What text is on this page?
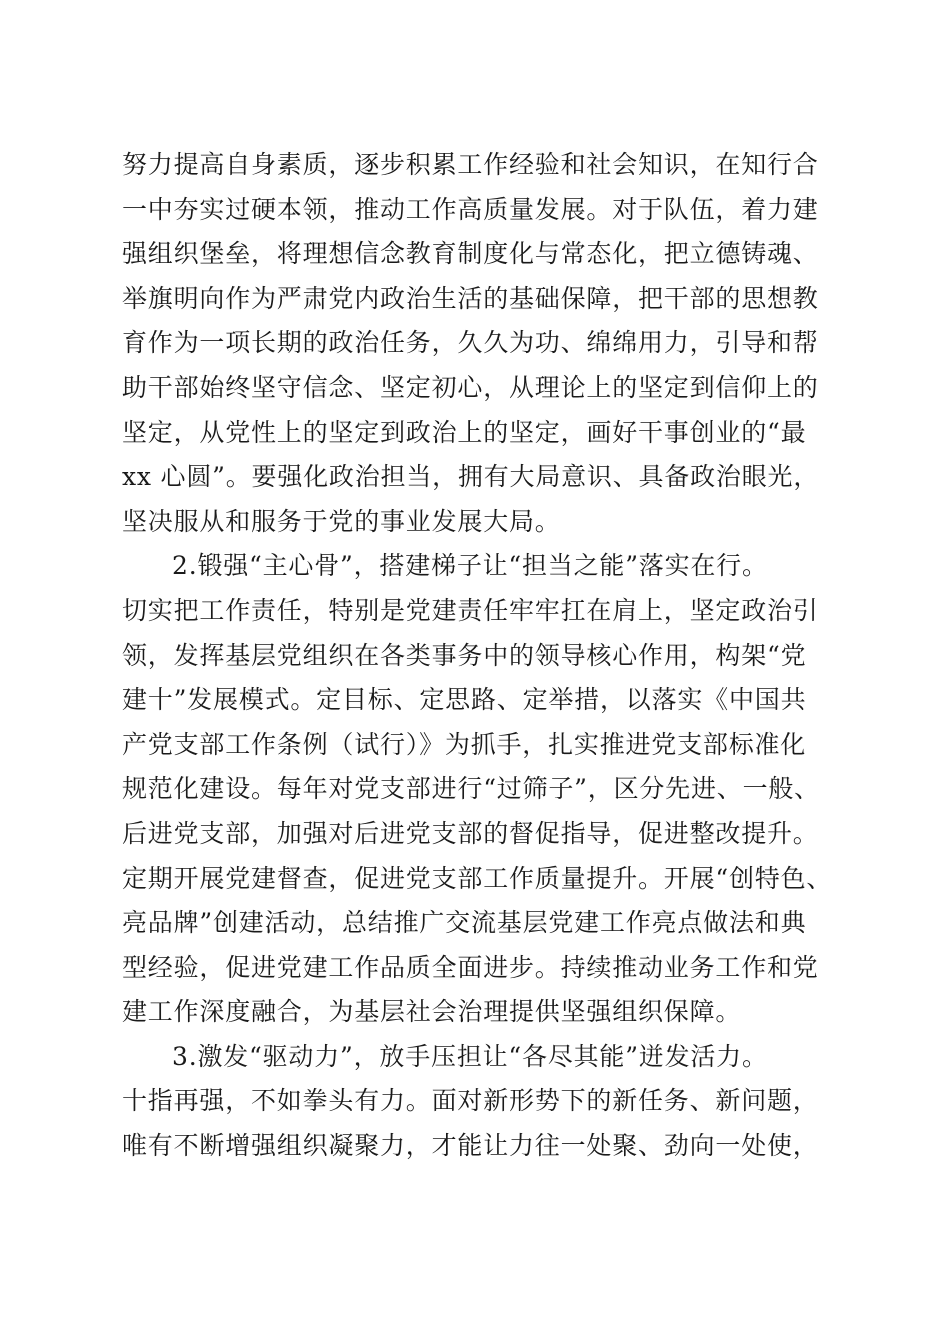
努力提高自身素质，逐步积累工作经验和社会知识，在知行合
一中夯实过硬本领，推动工作高质量发展。对于队伍，着力建
强组织堡垒，将理想信念教育制度化与常态化，把立德铸魂、
举旗明向作为严肃党内政治生活的基础保障，把干部的思想教
育作为一项长期的政治任务，久久为功、绵绵用力，引导和帮
助干部始终坚守信念、坚定初心，从理论上的坚定到信仰上的
坚定，从党性上的坚定到政治上的坚定，画好干事创业的“最
xx 心圆”。要强化政治担当，拥有大局意识、具备政治眼光，
坚决服从和服务于党的事业发展大局。
2.锻强“主心骨”，搭建梯子让“担当之能”落实在行。
切实把工作责任，特别是党建责任牢牢扛在肩上，坚定政治引
领，发挥基层党组织在各类事务中的领导核心作用，构架“党
建十”发展模式。定目标、定思路、定举措，以落实《中国共
产党支部工作条例（试行）》为抓手，扎实推进党支部标准化
规范化建设。每年对党支部进行“过筛子”，区分先进、一般、
后进党支部，加强对后进党支部的督促指导，促进整改提升。
定期开展党建督查，促进党支部工作质量提升。开展“创特色、
亮品牌”创建活动，总结推广交流基层党建工作亮点做法和典
型经验，促进党建工作品质全面进步。持续推动业务工作和党
建工作深度融合，为基层社会治理提供坚强组织保障。
3.激发“驱动力”，放手压担让“各尽其能”迸发活力。
十指再强，不如拳头有力。面对新形势下的新任务、新问题，
唯有不断增强组织凝聚力，才能让力往一处聚、劲向一处使，
